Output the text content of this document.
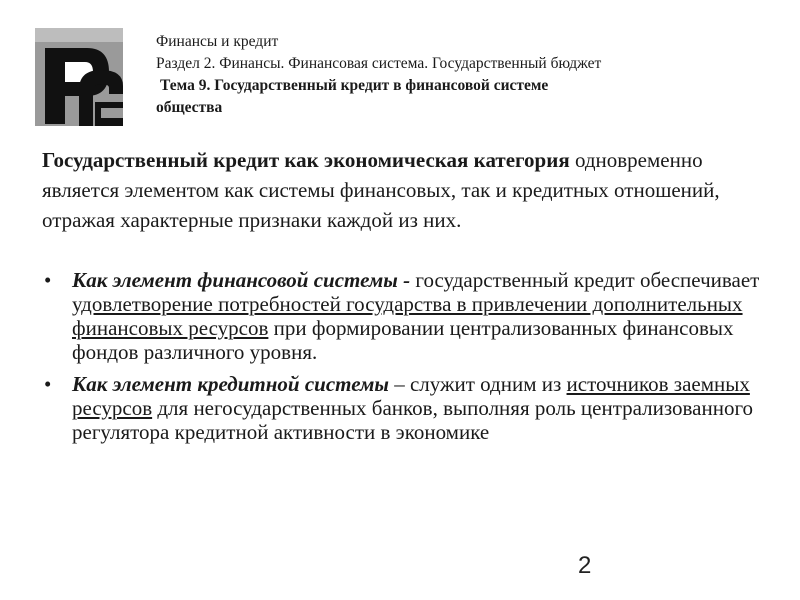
Финансы и кредит
Раздел 2. Финансы. Финансовая система. Государственный бюджет
Тема 9. Государственный кредит в финансовой системе
общества
Государственный кредит как экономическая категория одновременно является элементом как системы финансовых, так и кредитных отношений, отражая характерные признаки каждой из них.
• Как элемент финансовой системы - государственный кредит обеспечивает удовлетворение потребностей государства в привлечении дополнительных финансовых ресурсов при формировании централизованных финансовых фондов различного уровня.
• Как элемент кредитной системы – служит одним из источников заемных ресурсов для негосударственных банков, выполняя роль централизованного регулятора кредитной активности в экономике
2
